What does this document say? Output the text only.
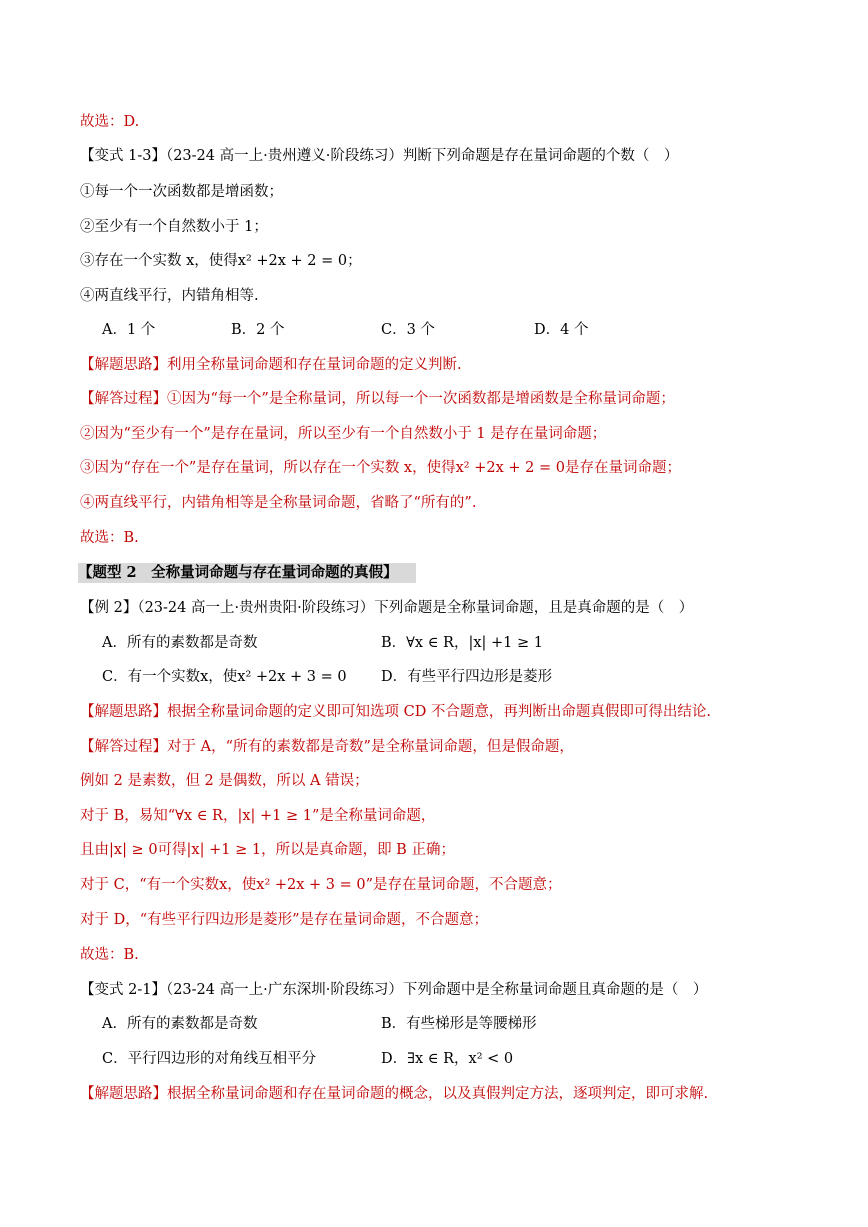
故选：D.
【变式 1-3】（23-24 高一上·贵州遵义·阶段练习）判断下列命题是存在量词命题的个数（　）
①每一个一次函数都是增函数；
②至少有一个自然数小于 1；
③存在一个实数 x，使得x² +2x + 2 = 0；
④两直线平行，内错角相等.
A．1 个	B．2 个	C．3 个	D．4 个
【解题思路】利用全称量词命题和存在量词命题的定义判断.
【解答过程】①因为“每一个”是全称量词，所以每一个一次函数都是增函数是全称量词命题；
②因为“至少有一个”是存在量词，所以至少有一个自然数小于 1 是存在量词命题；
③因为“存在一个”是存在量词，所以存在一个实数 x，使得x² +2x + 2 = 0是存在量词命题；
④两直线平行，内错角相等是全称量词命题，省略了“所有的”.
故选：B.
【题型 2　全称量词命题与存在量词命题的真假】
【例 2】（23-24 高一上·贵州贵阳·阶段练习）下列命题是全称量词命题，且是真命题的是（　）
A．所有的素数都是奇数	B．∀x ∈ R，|x| +1 ≥ 1
C．有一个实数x，使x² +2x + 3 = 0 D．有些平行四边形是菱形
【解题思路】根据全称量词命题的定义即可知选项 CD 不合题意，再判断出命题真假即可得出结论.
【解答过程】对于 A，“所有的素数都是奇数”是全称量词命题，但是假命题，
例如 2 是素数，但 2 是偶数，所以 A 错误；
对于 B，易知“∀x ∈ R，|x| +1 ≥ 1”是全称量词命题，
且由|x| ≥ 0可得|x| +1 ≥ 1，所以是真命题，即 B 正确；
对于 C，“有一个实数x，使x² +2x + 3 = 0”是存在量词命题，不合题意；
对于 D，“有些平行四边形是菱形”是存在量词命题，不合题意；
故选：B.
【变式 2-1】（23-24 高一上·广东深圳·阶段练习）下列命题中是全称量词命题且真命题的是（　）
A．所有的素数都是奇数	B．有些梯形是等腰梯形
C．平行四边形的对角线互相平分	D．∃x ∈ R，x² < 0
【解题思路】根据全称量词命题和存在量词命题的概念，以及真假判定方法，逐项判定，即可求解.
